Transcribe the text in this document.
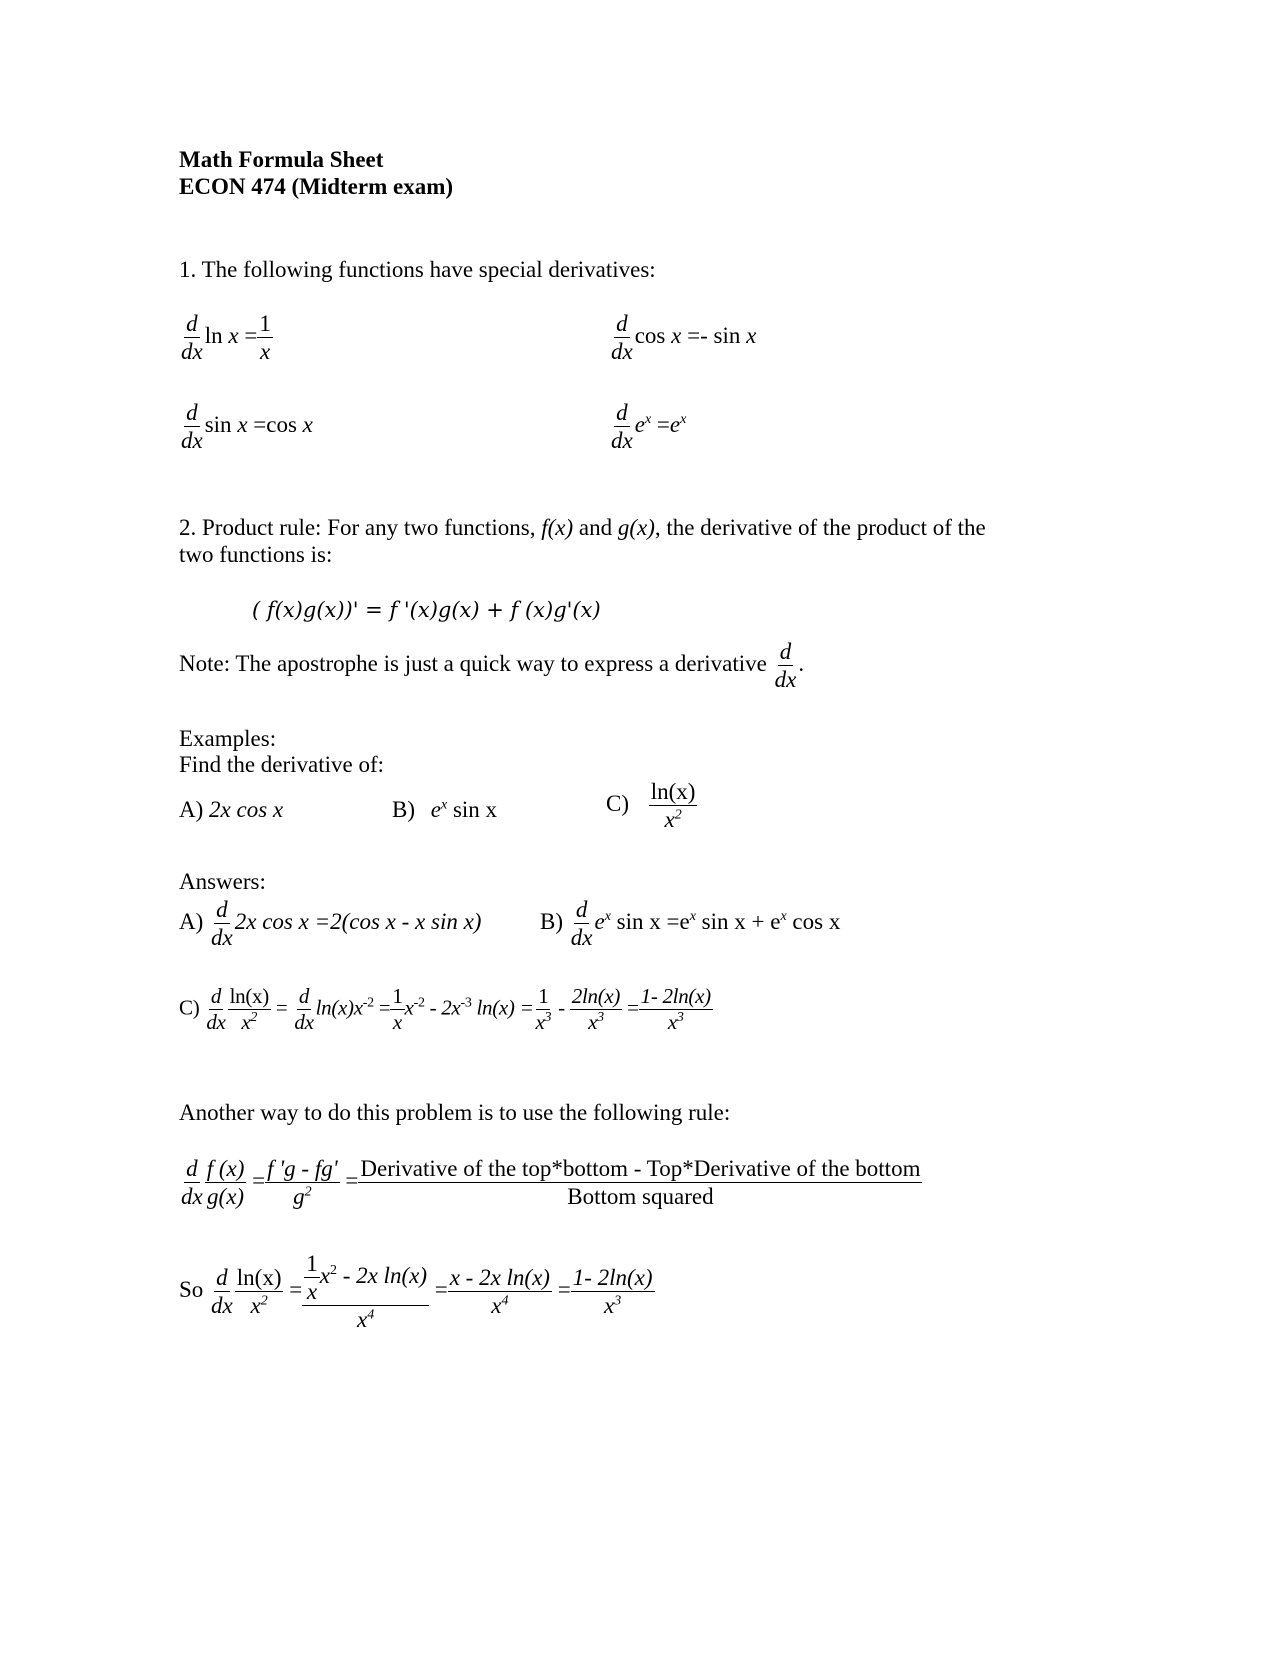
Math Formula Sheet
ECON 474 (Midterm exam)
1. The following functions have special derivatives:
$\frac{d}{dx}$ $\ln x = \frac{1}{x}$	$\frac{d}{dx}$ cos x =- sin x
$\frac{d}{dx}$ sin x =cos x	$\frac{d}{dx} e^x =e^x$
2. Product rule: For any two functions, f(x) and g(x), the derivative of the product of the
two functions is:
( f(x)g(x))' = f '(x)g(x) + f (x)g'(x)
Note: The apostrophe is just a quick way to express a derivative $\frac{d}{dx}$ .
Examples:
Find the derivative of:
A) 2x cos x	B) $e^x$ sin x	$C) \frac{\ln(x)}{x^2}$
Answers:
$A) \frac{d}{dx} 2x$ cos x =2(cos x - x sin x)	$B) \frac{d}{dx} e^x$ $\sin x =e^x$ $\sin x + e^x$ cos x
$C) \frac{d}{dx} \frac{\ln(x)}{x^2} = \frac{d}{dx} \ln(x)x^{-2} = \frac{1}{x} x^{-2} - 2x^{-3}$ $\ln(x) = \frac{1}{x^3} - \frac{2\ln(x)}{x^3} = \frac{1- 2\ln(x)}{x^3}$
Another way to do this problem is to use the following rule:
$\frac{d}{dx} \frac{f (x)}{g(x)} = \frac{f 'g - fg'}{g^2} = \frac{\text{Derivative of the top*bottom - Top*Derivative of the bottom}}{\text{Bottom squared}}$
So $\frac{d}{dx} \frac{\ln(x)}{x^2} = \frac{\frac{1}{x} x^2 - 2x \ln(x)}{x^4} = \frac{\text{x - 2x ln(x)}}{x^4} = \frac{1- 2\ln(x)}{x^3}$
